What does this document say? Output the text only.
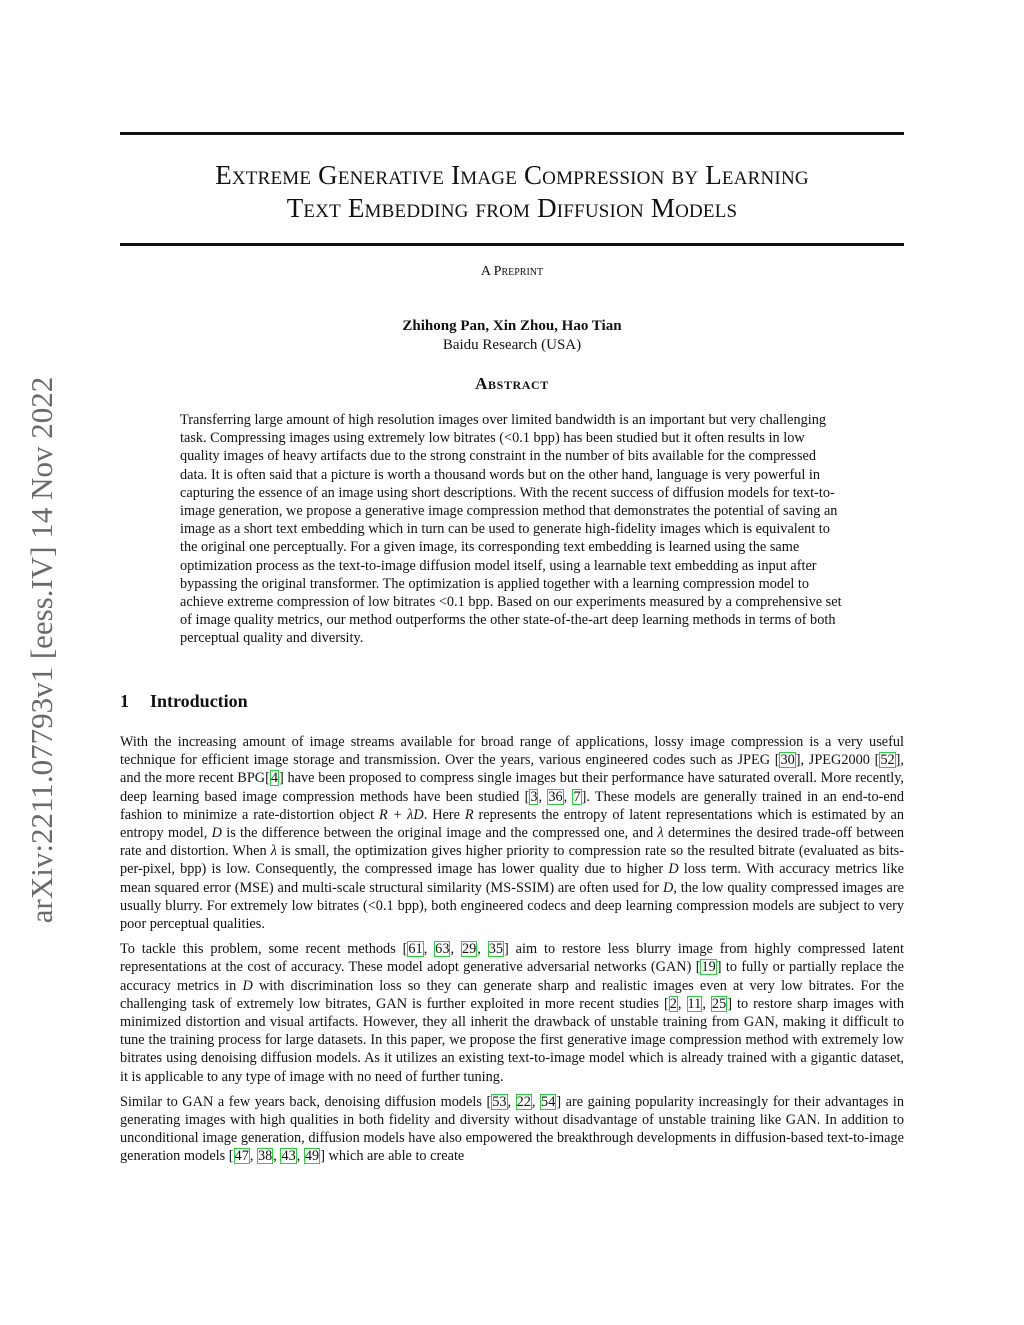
arXiv:2211.07793v1 [eess.IV] 14 Nov 2022
Extreme Generative Image Compression by Learning
Text Embedding from Diffusion Models
A Preprint
Zhihong Pan, Xin Zhou, Hao Tian
Baidu Research (USA)
Abstract

Transferring large amount of high resolution images over limited bandwidth is an important but very challenging task. Compressing images using extremely low bitrates (<0.1 bpp) has been studied but it often results in low quality images of heavy artifacts due to the strong constraint in the number of bits available for the compressed data. It is often said that a picture is worth a thousand words but on the other hand, language is very powerful in capturing the essence of an image using short descriptions. With the recent success of diffusion models for text-to-image generation, we propose a generative image compression method that demonstrates the potential of saving an image as a short text embedding which in turn can be used to generate high-fidelity images which is equivalent to the original one perceptually. For a given image, its corresponding text embedding is learned using the same optimization process as the text-to-image diffusion model itself, using a learnable text embedding as input after bypassing the original transformer. The optimization is applied together with a learning compression model to achieve extreme compression of low bitrates <0.1 bpp. Based on our experiments measured by a comprehensive set of image quality metrics, our method outperforms the other state-of-the-art deep learning methods in terms of both perceptual quality and diversity.

1 Introduction

With the increasing amount of image streams available for broad range of applications, lossy image compression is a very useful technique for efficient image storage and transmission. Over the years, various engineered codes such as JPEG [30], JPEG2000 [52], and the more recent BPG[4] have been proposed to compress single images but their performance have saturated overall. More recently, deep learning based image compression methods have been studied [3, 36, 7]. These models are generally trained in an end-to-end fashion to minimize a rate-distortion object R + λD. Here R represents the entropy of latent representations which is estimated by an entropy model, D is the difference between the original image and the compressed one, and λ determines the desired trade-off between rate and distortion. When λ is small, the optimization gives higher priority to compression rate so the resulted bitrate (evaluated as bits-per-pixel, bpp) is low. Consequently, the compressed image has lower quality due to higher D loss term. With accuracy metrics like mean squared error (MSE) and multi-scale structural similarity (MS-SSIM) are often used for D, the low quality compressed images are usually blurry. For extremely low bitrates (<0.1 bpp), both engineered codecs and deep learning compression models are subject to very poor perceptual qualities.

To tackle this problem, some recent methods [61, 63, 29, 35] aim to restore less blurry image from highly compressed latent representations at the cost of accuracy. These model adopt generative adversarial networks (GAN) [19] to fully or partially replace the accuracy metrics in D with discrimination loss so they can generate sharp and realistic images even at very low bitrates. For the challenging task of extremely low bitrates, GAN is further exploited in more recent studies [2, 11, 25] to restore sharp images with minimized distortion and visual artifacts. However, they all inherit the drawback of unstable training from GAN, making it difficult to tune the training process for large datasets. In this paper, we propose the first generative image compression method with extremely low bitrates using denoising diffusion models. As it utilizes an existing text-to-image model which is already trained with a gigantic dataset, it is applicable to any type of image with no need of further tuning.

Similar to GAN a few years back, denoising diffusion models [53, 22, 54] are gaining popularity increasingly for their advantages in generating images with high qualities in both fidelity and diversity without disadvantage of unstable training like GAN. In addition to unconditional image generation, diffusion models have also empowered the breakthrough developments in diffusion-based text-to-image generation models [47, 38, 43, 49] which are able to create
